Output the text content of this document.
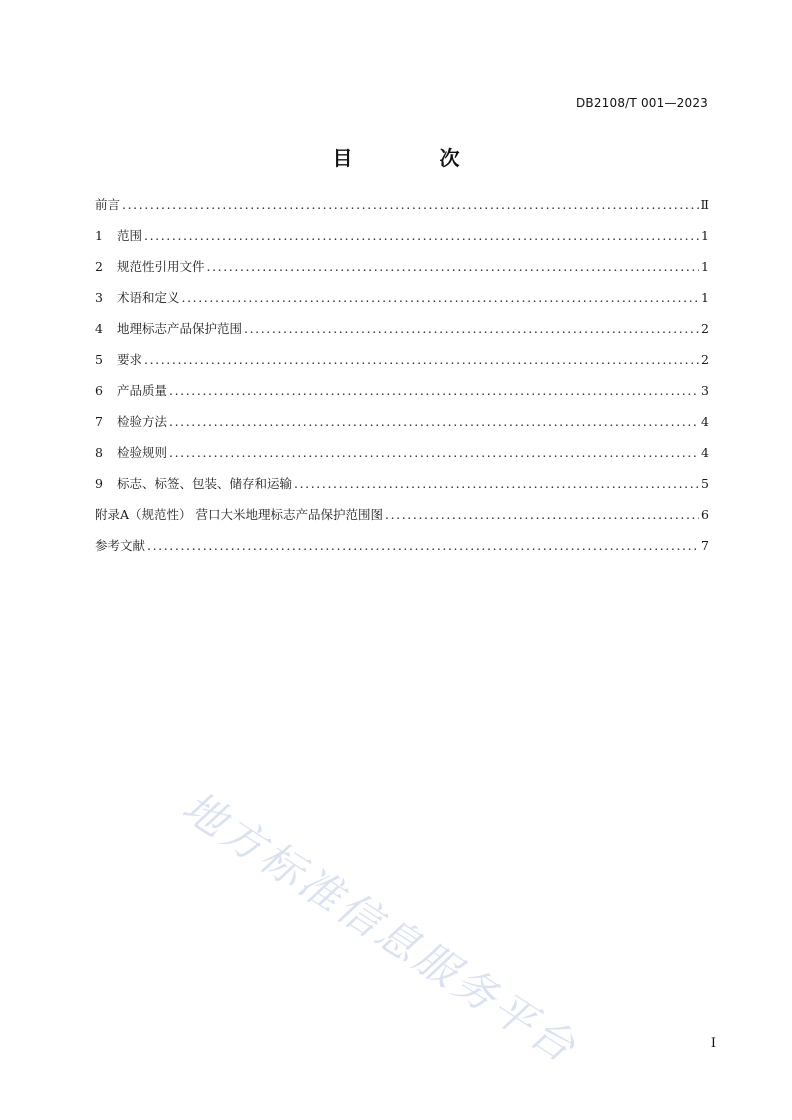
DB2108/T 001—2023
目 次
前言 .....	Ⅱ
1	范围 .....	1
2	规范性引用文件 .....	1
3	术语和定义 .....	1
4	地理标志产品保护范围 .....	2
5	要求 .....	2
6	产品质量 .....	3
7	检验方法 .....	4
8	检验规则 .....	4
9	标志、标签、包装、储存和运输 .....	5
附录A（规范性） 营口大米地理标志产品保护范围图 .....	6
参考文献 .....	7
地方标准信息服务平台	I
